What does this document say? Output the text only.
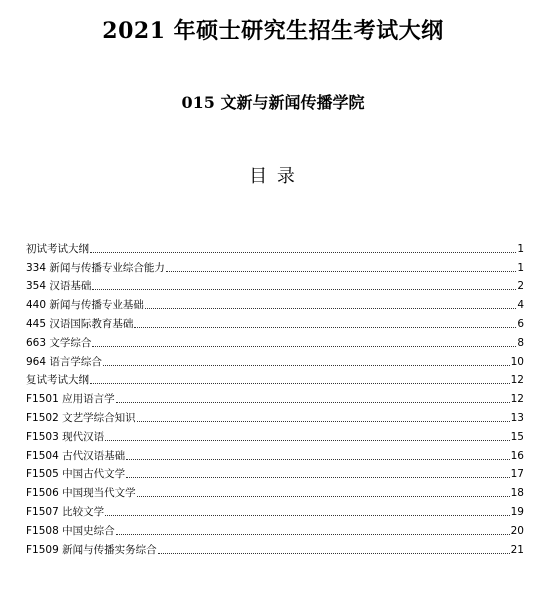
2021 年硕士研究生招生考试大纲
015 文新与新闻传播学院
目 录
初试考试大纲	1
334 新闻与传播专业综合能力	1
354 汉语基础	2
440 新闻与传播专业基础	4
445 汉语国际教育基础	6
663 文学综合	8
964 语言学综合	10
复试考试大纲	12
F1501 应用语言学	12
F1502 文艺学综合知识	13
F1503 现代汉语	15
F1504 古代汉语基础	16
F1505 中国古代文学	17
F1506 中国现当代文学	18
F1507 比较文学	19
F1508 中国史综合	20
F1509 新闻与传播实务综合	21
